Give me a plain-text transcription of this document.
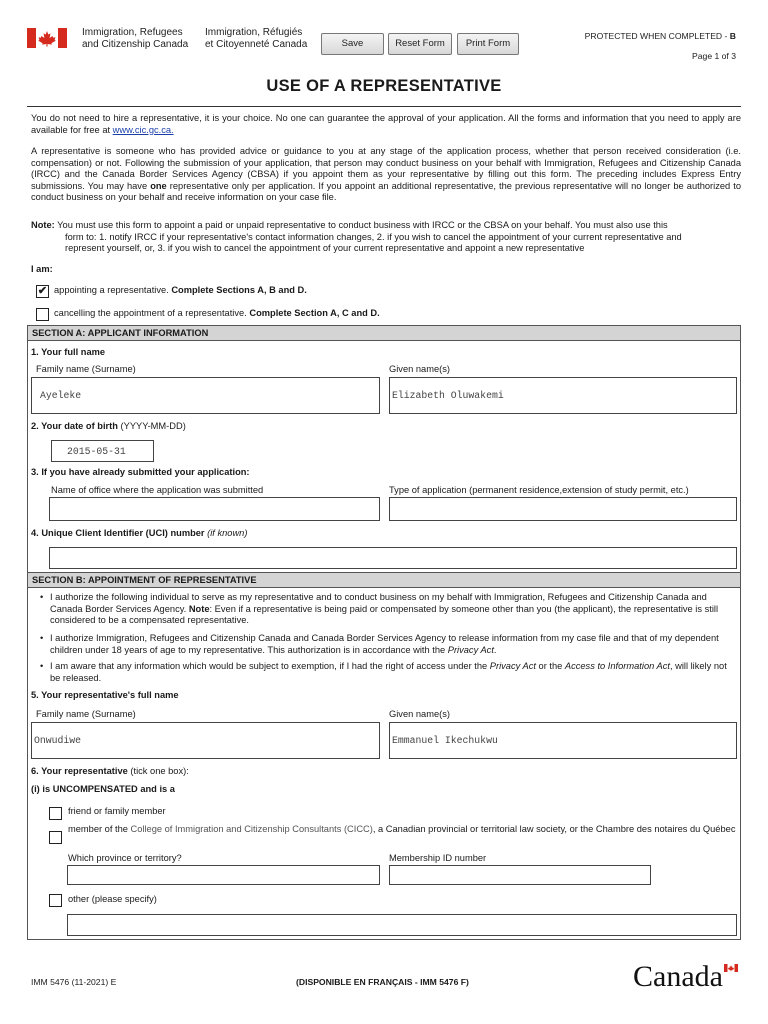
Immigration, Refugees
and Citizenship Canada
Immigration, Réfugiés
et Citoyenneté Canada	Save	Reset Form	Print Form
PROTECTED WHEN COMPLETED - B
Page 1 of 3
USE OF A REPRESENTATIVE
You do not need to hire a representative, it is your choice. No one can guarantee the approval of your application. All the forms and information that you need to apply are available for free at www.cic.gc.ca.
A representative is someone who has provided advice or guidance to you at any stage of the application process, whether that person received consideration (i.e. compensation) or not. Following the submission of your application, that person may conduct business on your behalf with Immigration, Refugees and Citizenship Canada (IRCC) and the Canada Border Services Agency (CBSA) if you appoint them as your representative by filling out this form. The preceding includes Express Entry submissions. You may have one representative only per application. If you appoint an additional representative, the previous representative will no longer be authorized to conduct business on your behalf and receive information on your case file.
Note: You must use this form to appoint a paid or unpaid representative to conduct business with IRCC or the CBSA on your behalf. You must also use this
form to: 1. notify IRCC if your representative's contact information changes, 2. if you wish to cancel the appointment of your current representative and
represent yourself, or, 3. if you wish to cancel the appointment of your current representative and appoint a new representative
I am:
✔ appointing a representative. Complete Sections A, B and D.
cancelling the appointment of a representative. Complete Section A, C and D.
SECTION A: APPLICANT INFORMATION
1. Your full name
Family name (Surname)	Given name(s)
Ayeleke	Elizabeth Oluwakemi
2. Your date of birth (YYYY-MM-DD)
2015-05-31
3. If you have already submitted your application:
Name of office where the application was submitted	Type of application (permanent residence,extension of study permit, etc.)
4. Unique Client Identifier (UCI) number (if known)
SECTION B: APPOINTMENT OF REPRESENTATIVE
• I authorize the following individual to serve as my representative and to conduct business on my behalf with Immigration, Refugees and Citizenship Canada and Canada Border Services Agency. Note: Even if a representative is being paid or compensated by someone other than you (the applicant), the representative is still considered to be a compensated representative.
• I authorize Immigration, Refugees and Citizenship Canada and Canada Border Services Agency to release information from my case file and that of my dependent children under 18 years of age to my representative. This authorization is in accordance with the Privacy Act.
• I am aware that any information which would be subject to exemption, if I had the right of access under the Privacy Act or the Access to Information Act, will likely not be released.
5. Your representative's full name
Family name (Surname)	Given name(s)
Onwudiwe	Emmanuel Ikechukwu
6. Your representative (tick one box):
(i) is UNCOMPENSATED and is a
friend or family member
member of the College of Immigration and Citizenship Consultants (CICC), a Canadian provincial or territorial law society, or the Chambre des notaires du Québec
Which province or territory?	Membership ID number
other (please specify)
IMM 5476 (11-2021) E	(DISPONIBLE EN FRANÇAIS - IMM 5476 F)	Canada
